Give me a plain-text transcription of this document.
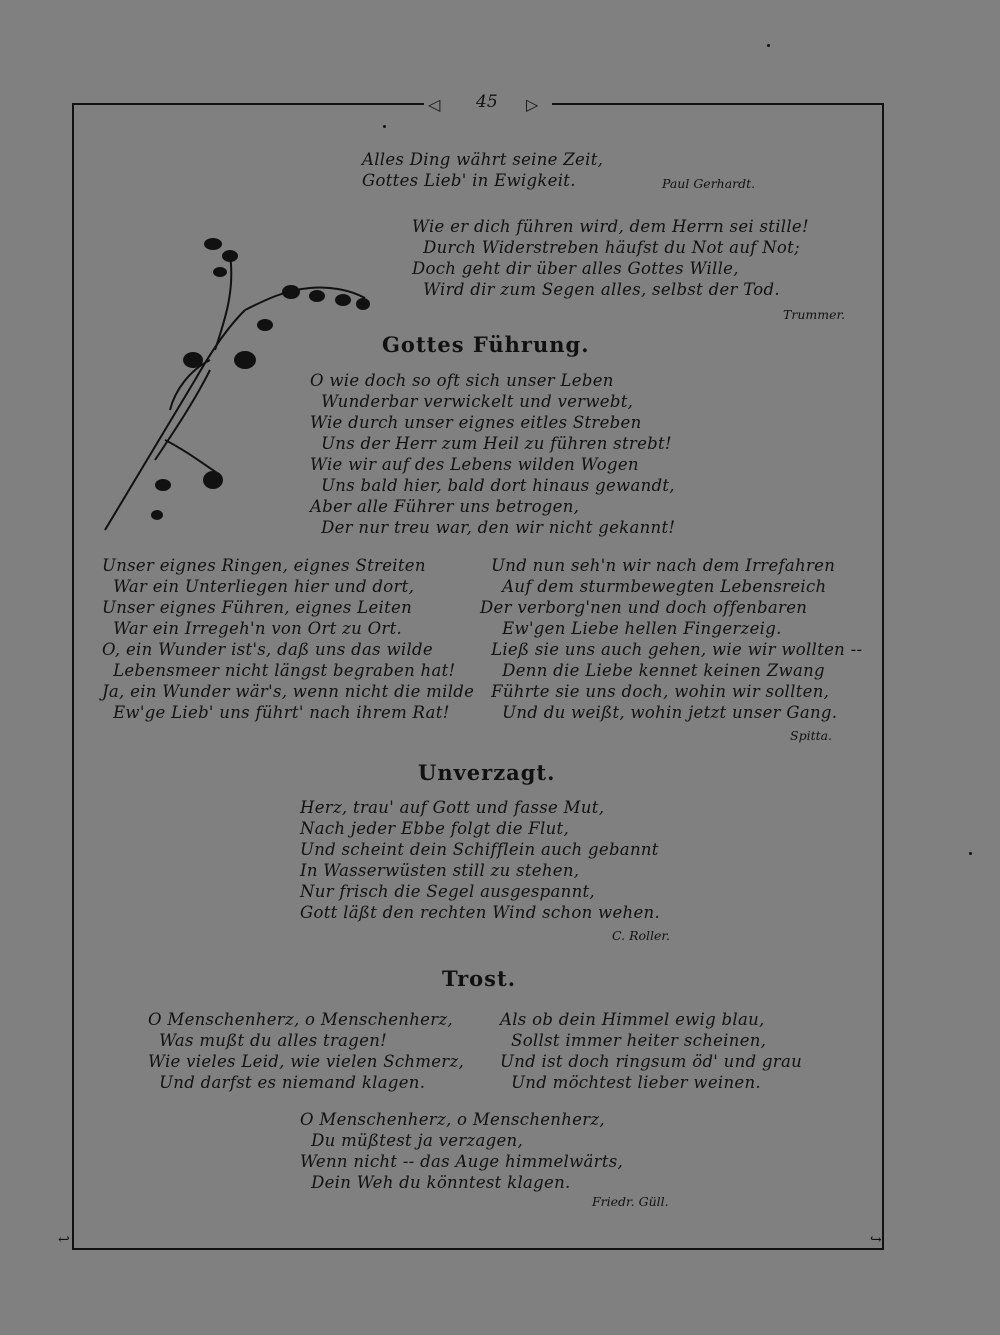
◁ 45 ▷
↩	↪
Alles Ding währt seine Zeit,
Gottes Lieb' in Ewigkeit.	Paul Gerhardt.
Wie er dich führen wird, dem Herrn sei stille!
Durch Widerstreben häufst du Not auf Not;
Doch geht dir über alles Gottes Wille,
Wird dir zum Segen alles, selbst der Tod.
Trummer.
Gottes Führung.
O wie doch so oft sich unser Leben
Wunderbar verwickelt und verwebt,
Wie durch unser eignes eitles Streben
Uns der Herr zum Heil zu führen strebt!
Wie wir auf des Lebens wilden Wogen
Uns bald hier, bald dort hinaus gewandt,
Aber alle Führer uns betrogen,
Der nur treu war, den wir nicht gekannt!
Unser eignes Ringen, eignes Streiten
War ein Unterliegen hier und dort,
Unser eignes Führen, eignes Leiten
War ein Irregeh'n von Ort zu Ort.
O, ein Wunder ist's, daß uns das wilde
Lebensmeer nicht längst begraben hat!
Ja, ein Wunder wär's, wenn nicht die milde
Ew'ge Lieb' uns führt' nach ihrem Rat!
Und nun seh'n wir nach dem Irrefahren
Auf dem sturmbewegten Lebensreich
Der verborg'nen und doch offenbaren
Ew'gen Liebe hellen Fingerzeig.
Ließ sie uns auch gehen, wie wir wollten --
Denn die Liebe kennet keinen Zwang
Führte sie uns doch, wohin wir sollten,
Und du weißt, wohin jetzt unser Gang.
Spitta.
Unverzagt.
Herz, trau' auf Gott und fasse Mut,
Nach jeder Ebbe folgt die Flut,
Und scheint dein Schifflein auch gebannt
In Wasserwüsten still zu stehen,
Nur frisch die Segel ausgespannt,
Gott läßt den rechten Wind schon wehen.
C. Roller.
Trost.
O Menschenherz, o Menschenherz,
Was mußt du alles tragen!
Wie vieles Leid, wie vielen Schmerz,
Und darfst es niemand klagen.
Als ob dein Himmel ewig blau,
Sollst immer heiter scheinen,
Und ist doch ringsum öd' und grau
Und möchtest lieber weinen.
O Menschenherz, o Menschenherz,
Du müßtest ja verzagen,
Wenn nicht -- das Auge himmelwärts,
Dein Weh du könntest klagen.
Friedr. Güll.
